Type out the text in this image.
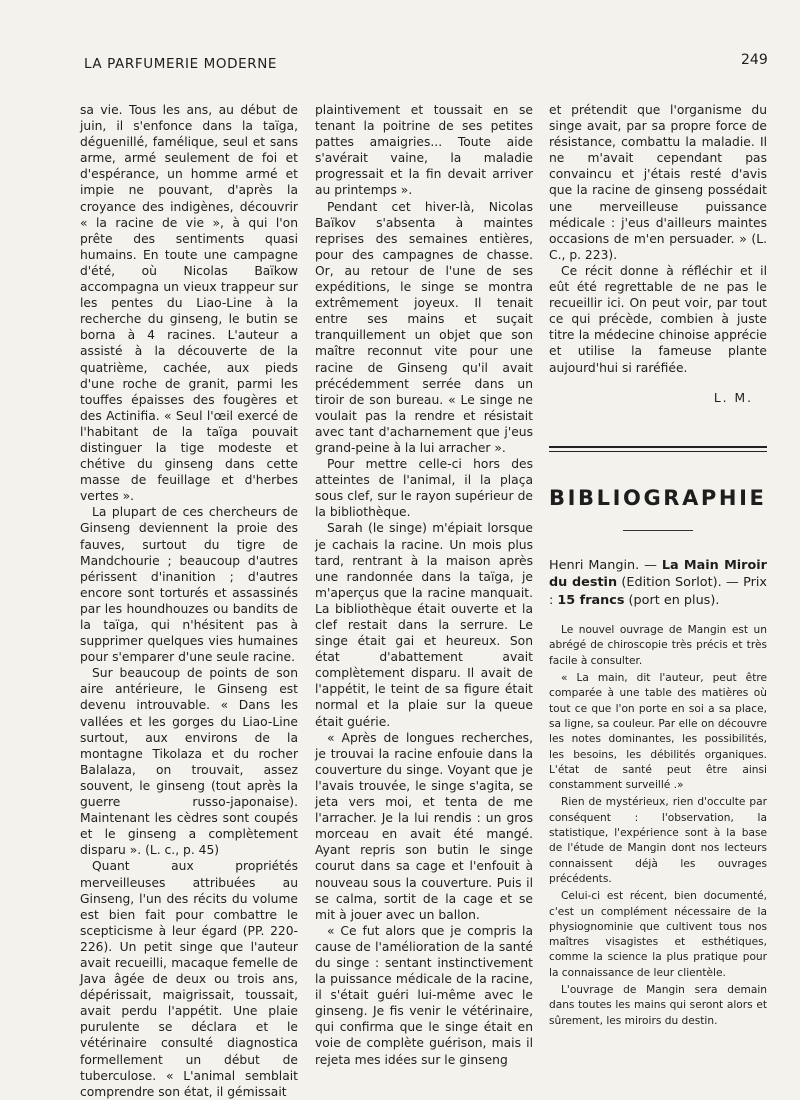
LA PARFUMERIE MODERNE	249

sa vie. Tous les ans, au début de juin, il s'enfonce dans la taïga, déguenillé, famélique, seul et sans arme, armé seulement de foi et d'espérance, un homme armé et impie ne pouvant, d'après la croyance des indigènes, découvrir « la racine de vie », à qui l'on prête des sentiments quasi humains. En toute une campagne d'été, où Nicolas Baïkow accompagna un vieux trappeur sur les pentes du Liao-Line à la recherche du ginseng, le butin se borna à 4 racines. L'auteur a assisté à la découverte de la quatrième, cachée, aux pieds d'une roche de granit, parmi les touffes épaisses des fougères et des Actinifia. « Seul l'œil exercé de l'habitant de la taïga pouvait distinguer la tige modeste et chétive du ginseng dans cette masse de feuillage et d'herbes vertes ».

La plupart de ces chercheurs de Ginseng deviennent la proie des fauves, surtout du tigre de Mandchourie ; beaucoup d'autres périssent d'inanition ; d'autres encore sont torturés et assassinés par les houndhouzes ou bandits de la taïga, qui n'hésitent pas à supprimer quelques vies humaines pour s'emparer d'une seule racine.

Sur beaucoup de points de son aire antérieure, le Ginseng est devenu introuvable. « Dans les vallées et les gorges du Liao-Line surtout, aux environs de la montagne Tikolaza et du rocher Balalaza, on trouvait, assez souvent, le ginseng (tout après la guerre russo-japonaise). Maintenant les cèdres sont coupés et le ginseng a complètement disparu ». (L. c., p. 45)

Quant aux propriétés merveilleuses attribuées au Ginseng, l'un des récits du volume est bien fait pour combattre le scepticisme à leur égard (PP. 220-226). Un petit singe que l'auteur avait recueilli, macaque femelle de Java âgée de deux ou trois ans, dépérissait, maigrissait, toussait, avait perdu l'appétit. Une plaie purulente se déclara et le vétérinaire consulté diagnostica formellement un début de tuberculose. « L'animal semblait comprendre son état, il gémissait

plaintivement et toussait en se tenant la poitrine de ses petites pattes amaigries... Toute aide s'avérait vaine, la maladie progressait et la fin devait arriver au printemps ».

Pendant cet hiver-là, Nicolas Baïkov s'absenta à maintes reprises des semaines entières, pour des campagnes de chasse. Or, au retour de l'une de ses expéditions, le singe se montra extrêmement joyeux. Il tenait entre ses mains et suçait tranquillement un objet que son maître reconnut vite pour une racine de Ginseng qu'il avait précédemment serrée dans un tiroir de son bureau. « Le singe ne voulait pas la rendre et résistait avec tant d'acharnement que j'eus grand-peine à la lui arracher ».

Pour mettre celle-ci hors des atteintes de l'animal, il la plaça sous clef, sur le rayon supérieur de la bibliothèque.

Sarah (le singe) m'épiait lorsque je cachais la racine. Un mois plus tard, rentrant à la maison après une randonnée dans la taïga, je m'aperçus que la racine manquait. La bibliothèque était ouverte et la clef restait dans la serrure. Le singe était gai et heureux. Son état d'abattement avait complètement disparu. Il avait de l'appétit, le teint de sa figure était normal et la plaie sur la queue était guérie.

« Après de longues recherches, je trouvai la racine enfouie dans la couverture du singe. Voyant que je l'avais trouvée, le singe s'agita, se jeta vers moi, et tenta de me l'arracher. Je la lui rendis : un gros morceau en avait été mangé. Ayant repris son butin le singe courut dans sa cage et l'enfouit à nouveau sous la couverture. Puis il se calma, sortit de la cage et se mit à jouer avec un ballon.

« Ce fut alors que je compris la cause de l'amélioration de la santé du singe : sentant instinctivement la puissance médicale de la racine, il s'était guéri lui-même avec le ginseng. Je fis venir le vétérinaire, qui confirma que le singe était en voie de complète guérison, mais il rejeta mes idées sur le ginseng

et prétendit que l'organisme du singe avait, par sa propre force de résistance, combattu la maladie. Il ne m'avait cependant pas convaincu et j'étais resté d'avis que la racine de ginseng possédait une merveilleuse puissance médicale : j'eus d'ailleurs maintes occasions de m'en persuader. » (L. C., p. 223).

Ce récit donne à réfléchir et il eût été regrettable de ne pas le recueillir ici. On peut voir, par tout ce qui précède, combien à juste titre la médecine chinoise apprécie et utilise la fameuse plante aujourd'hui si raréfiée.

L. M.

BIBLIOGRAPHIE

Henri Mangin. — La Main Miroir du destin (Edition Sorlot). — Prix : 15 francs (port en plus).

Le nouvel ouvrage de Mangin est un abrégé de chiroscopie très précis et très facile à consulter.

« La main, dit l'auteur, peut être comparée à une table des matières où tout ce que l'on porte en soi a sa place, sa ligne, sa couleur. Par elle on découvre les notes dominantes, les possibilités, les besoins, les débilités organiques. L'état de santé peut être ainsi constamment surveillé .»

Rien de mystérieux, rien d'occulte par conséquent : l'observation, la statistique, l'expérience sont à la base de l'étude de Mangin dont nos lecteurs connaissent déjà les ouvrages précédents.

Celui-ci est récent, bien documenté, c'est un complément nécessaire de la physiognominie que cultivent tous nos maîtres visagistes et esthétiques, comme la science la plus pratique pour la connaissance de leur clientèle.

L'ouvrage de Mangin sera demain dans toutes les mains qui seront alors et sûrement, les miroirs du destin.
